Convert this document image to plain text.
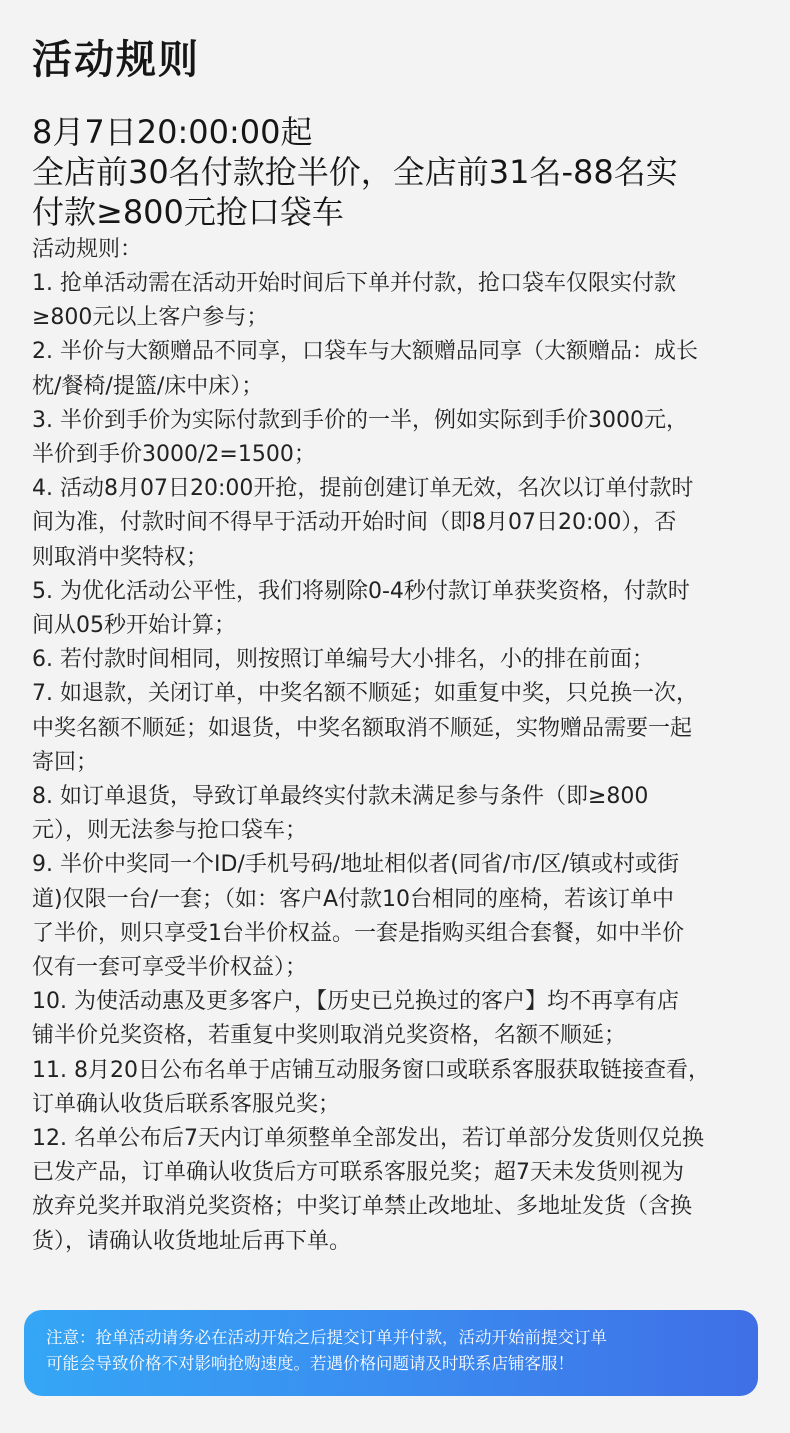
活动规则
8月7日20:00:00起
全店前30名付款抢半价，全店前31名-88名实
付款≥800元抢口袋车
活动规则：
1. 抢单活动需在活动开始时间后下单并付款，抢口袋车仅限实付款
≥800元以上客户参与；
2. 半价与大额赠品不同享，口袋车与大额赠品同享（大额赠品：成长
枕/餐椅/提篮/床中床）；
3. 半价到手价为实际付款到手价的一半，例如实际到手价3000元，
半价到手价3000/2=1500；
4. 活动8月07日20:00开抢，提前创建订单无效，名次以订单付款时
间为准，付款时间不得早于活动开始时间（即8月07日20:00），否
则取消中奖特权；
5. 为优化活动公平性，我们将剔除0-4秒付款订单获奖资格，付款时
间从05秒开始计算；
6. 若付款时间相同，则按照订单编号大小排名，小的排在前面；
7. 如退款，关闭订单，中奖名额不顺延；如重复中奖，只兑换一次，
中奖名额不顺延；如退货，中奖名额取消不顺延，实物赠品需要一起
寄回；
8. 如订单退货，导致订单最终实付款未满足参与条件（即≥800
元），则无法参与抢口袋车；
9. 半价中奖同一个ID/手机号码/地址相似者(同省/市/区/镇或村或街
道)仅限一台/一套；（如：客户A付款10台相同的座椅，若该订单中
了半价，则只享受1台半价权益。一套是指购买组合套餐，如中半价
仅有一套可享受半价权益）；
10. 为使活动惠及更多客户，【历史已兑换过的客户】均不再享有店
铺半价兑奖资格，若重复中奖则取消兑奖资格，名额不顺延；
11. 8月20日公布名单于店铺互动服务窗口或联系客服获取链接查看，
订单确认收货后联系客服兑奖；
12. 名单公布后7天内订单须整单全部发出，若订单部分发货则仅兑换
已发产品，订单确认收货后方可联系客服兑奖；超7天未发货则视为
放弃兑奖并取消兑奖资格；中奖订单禁止改地址、多地址发货（含换
货），请确认收货地址后再下单。
注意：抢单活动请务必在活动开始之后提交订单并付款，活动开始前提交订单
可能会导致价格不对影响抢购速度。若遇价格问题请及时联系店铺客服！
